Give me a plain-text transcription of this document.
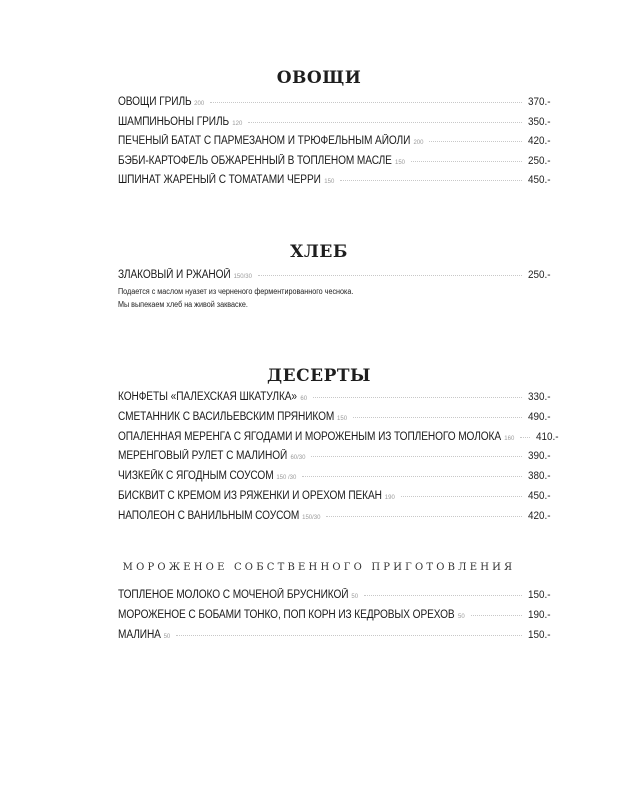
ОВОЩИ
ОВОЩИ ГРИЛЬ 200	370.-
ШАМПИНЬОНЫ ГРИЛЬ 120	350.-
ПЕЧЕНЫЙ БАТАТ С ПАРМЕЗАНОМ И ТРЮФЕЛЬНЫМ АЙОЛИ 200	420.-
БЭБИ-КАРТОФЕЛЬ ОБЖАРЕННЫЙ В ТОПЛЕНОМ МАСЛЕ 150	250.-
ШПИНАТ ЖАРЕНЫЙ С ТОМАТАМИ ЧЕРРИ 150	450.-
ХЛЕБ
ЗЛАКОВЫЙ И РЖАНОЙ 150/30	250.-
Подается с маслом нуазет из черненого ферментированного чеснока.
Мы выпекаем хлеб на живой закваске.
ДЕСЕРТЫ
КОНФЕТЫ «ПАЛЕХСКАЯ ШКАТУЛКА» 60	330.-
СМЕТАННИК С ВАСИЛЬЕВСКИМ ПРЯНИКОМ 150	490.-
ОПАЛЕННАЯ МЕРЕНГА С ЯГОДАМИ И МОРОЖЕНЫМ ИЗ ТОПЛЕНОГО МОЛОКА 160 410.-
МЕРЕНГОВЫЙ РУЛЕТ С МАЛИНОЙ 60/30	390.-
ЧИЗКЕЙК С ЯГОДНЫМ СОУСОМ 150 /30	380.-
БИСКВИТ С КРЕМОМ ИЗ РЯЖЕНКИ И ОРЕХОМ ПЕКАН 190	450.-
НАПОЛЕОН С ВАНИЛЬНЫМ СОУСОМ 150/30	420.-
МОРОЖЕНОЕ СОБСТВЕННОГО ПРИГОТОВЛЕНИЯ
ТОПЛЕНОЕ МОЛОКО С МОЧЕНОЙ БРУСНИКОЙ 50	150.-
МОРОЖЕНОЕ С БОБАМИ ТОНКО, ПОП КОРН ИЗ КЕДРОВЫХ ОРЕХОВ 50	190.-
МАЛИНА 50	150.-
